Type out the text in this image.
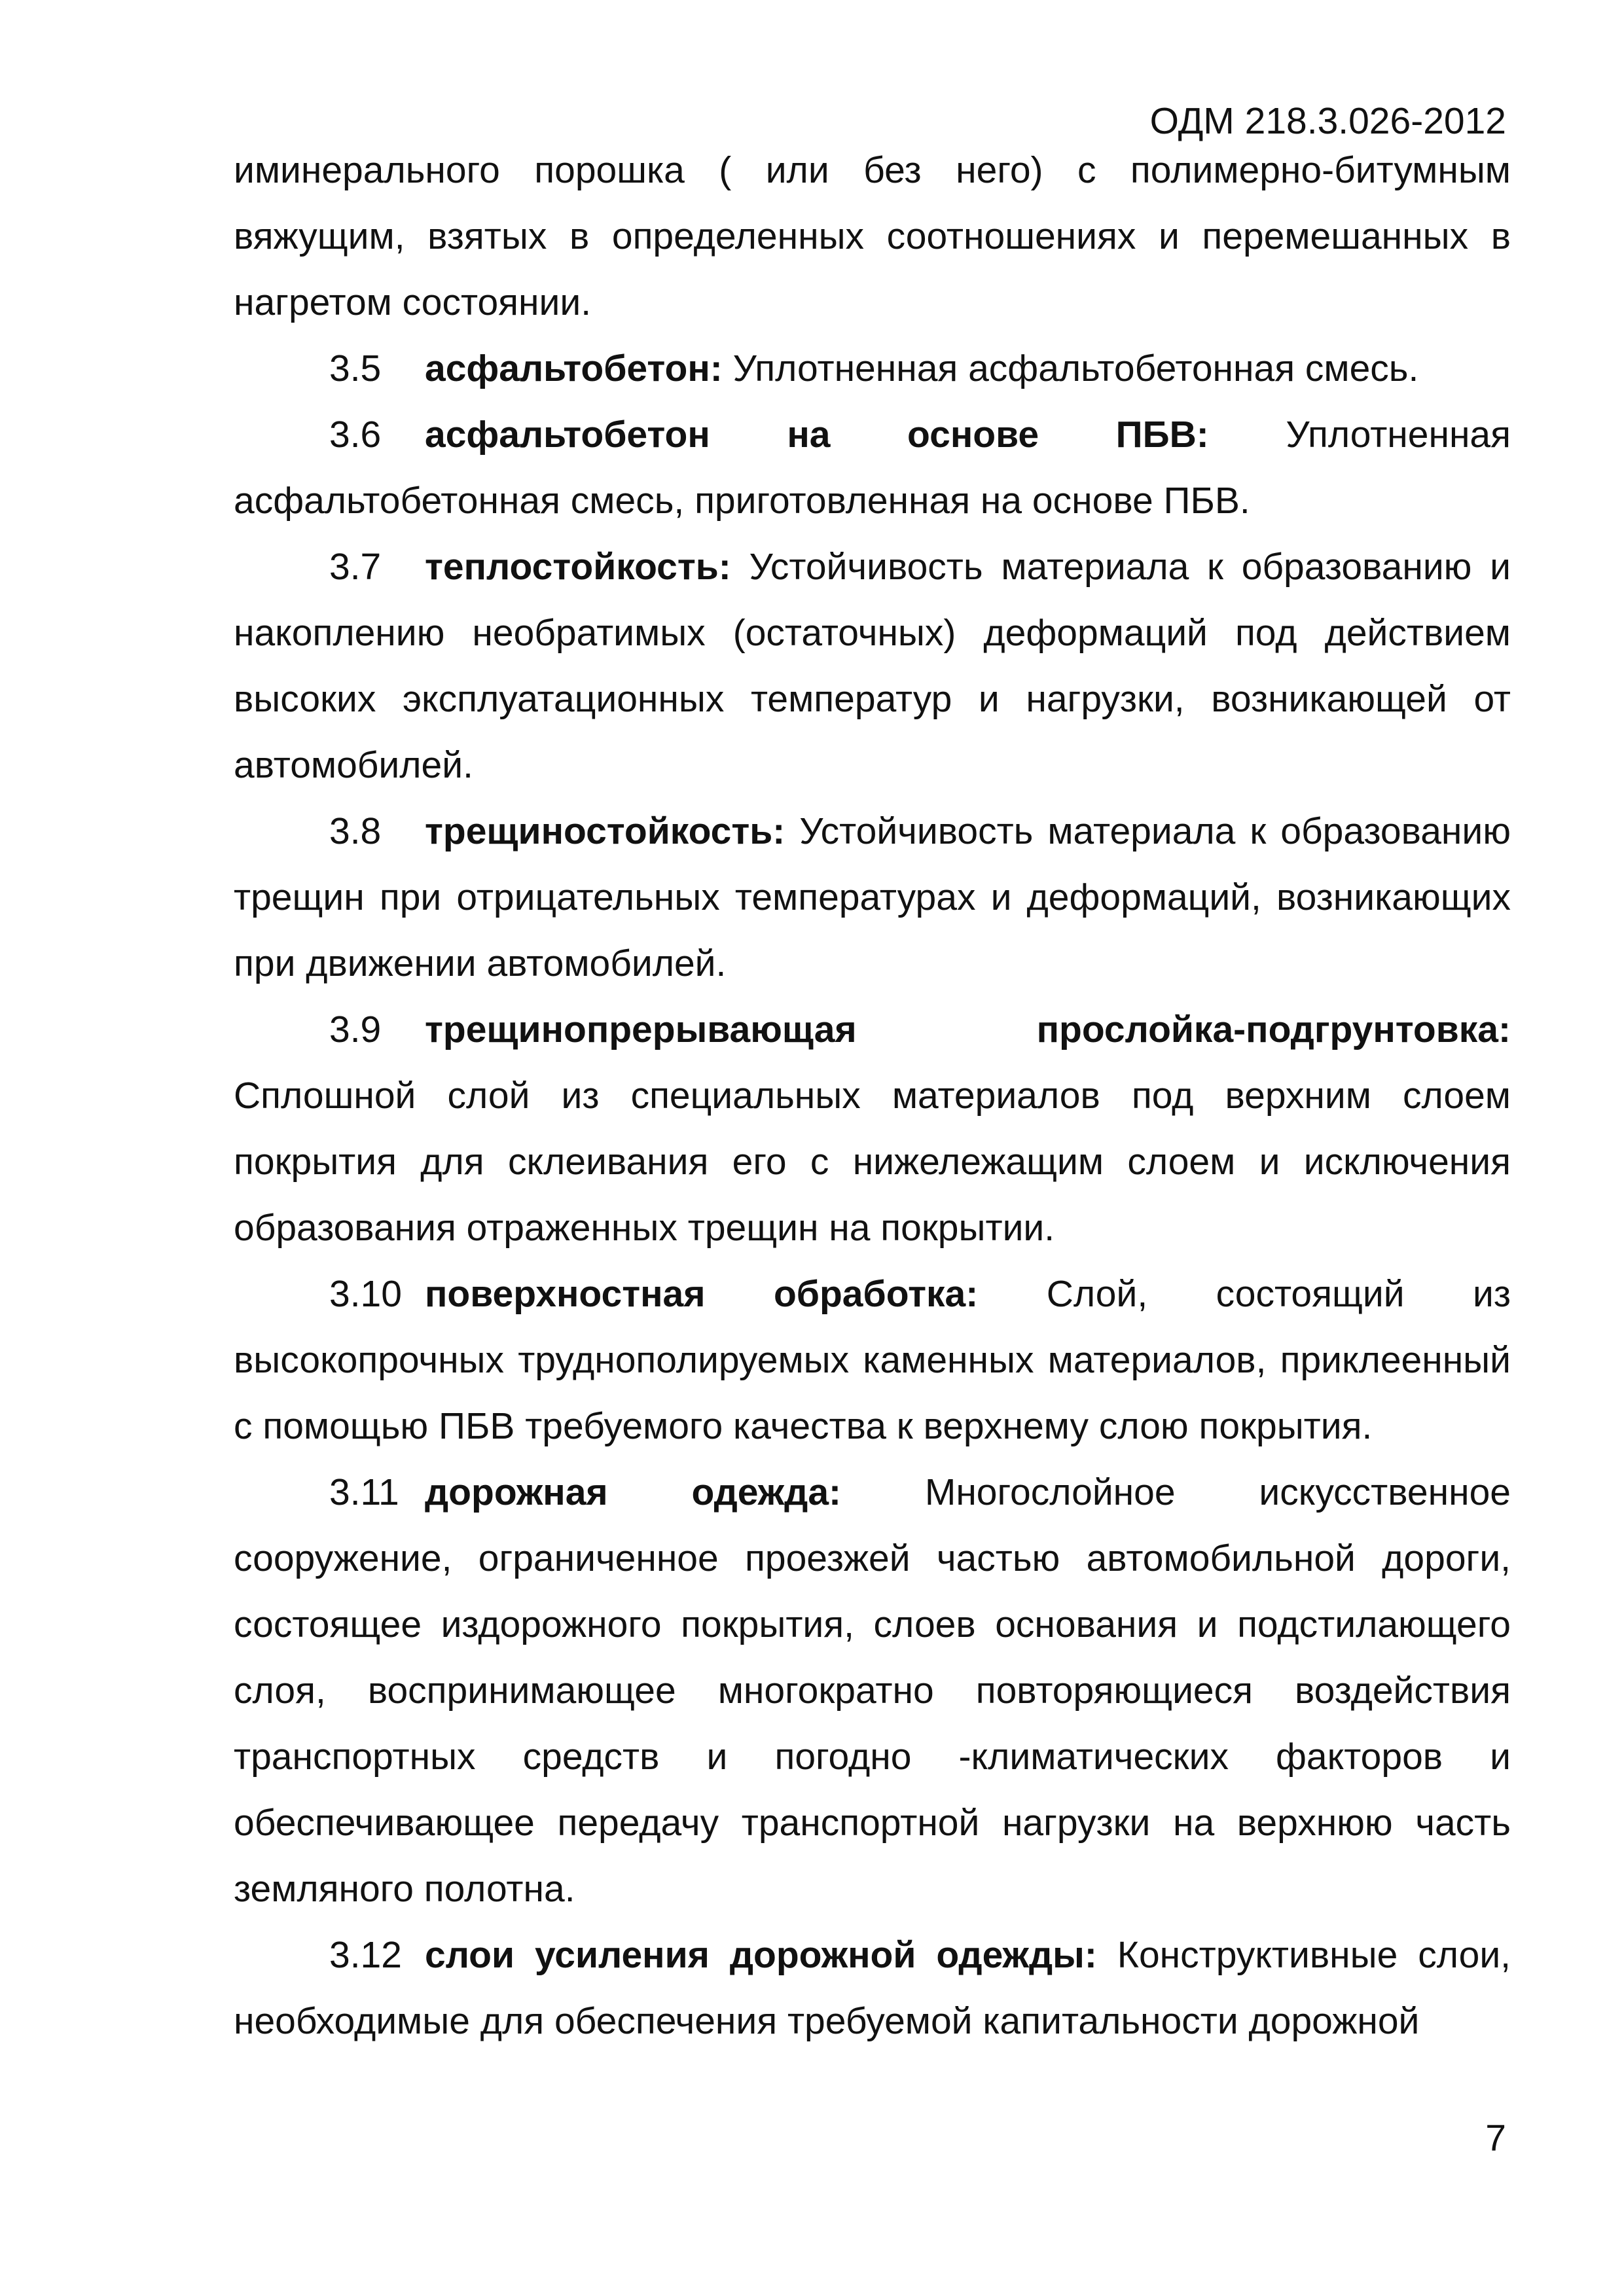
ОДМ 218.3.026-2012

иминерального порошка ( или без него) с полимерно-битумным вяжущим, взятых в определенных соотношениях и перемешанных в нагретом состоянии.

3.5 асфальтобетон: Уплотненная асфальтобетонная смесь.

3.6 асфальтобетон на основе ПБВ: Уплотненная асфальтобетонная смесь, приготовленная на основе ПБВ.

3.7 теплостойкость: Устойчивость материала к образованию и накоплению необратимых (остаточных) деформаций под действием высоких эксплуатационных температур и нагрузки, возникающей от автомобилей.

3.8 трещиностойкость: Устойчивость материала к образованию трещин при отрицательных температурах и деформаций, возникающих при движении автомобилей.

3.9 трещинопрерывающая прослойка-подгрунтовка: Сплошной слой из специальных материалов под верхним слоем покрытия для склеивания его с нижележащим слоем и исключения образования отраженных трещин на покрытии.

3.10 поверхностная обработка: Слой, состоящий из высокопрочных труднополируемых каменных материалов, приклеенный с помощью ПБВ требуемого качества к верхнему слою покрытия.

3.11 дорожная одежда: Многослойное искусственное сооружение, ограниченное проезжей частью автомобильной дороги, состоящее издорожного покрытия, слоев основания и подстилающего слоя, воспринимающее многократно повторяющиеся воздействия транспортных средств и погодно -климатических факторов и обеспечивающее передачу транспортной нагрузки на верхнюю часть земляного полотна.

3.12 слои усиления дорожной одежды: Конструктивные слои, необходимые для обеспечения требуемой капитальности дорожной

7
